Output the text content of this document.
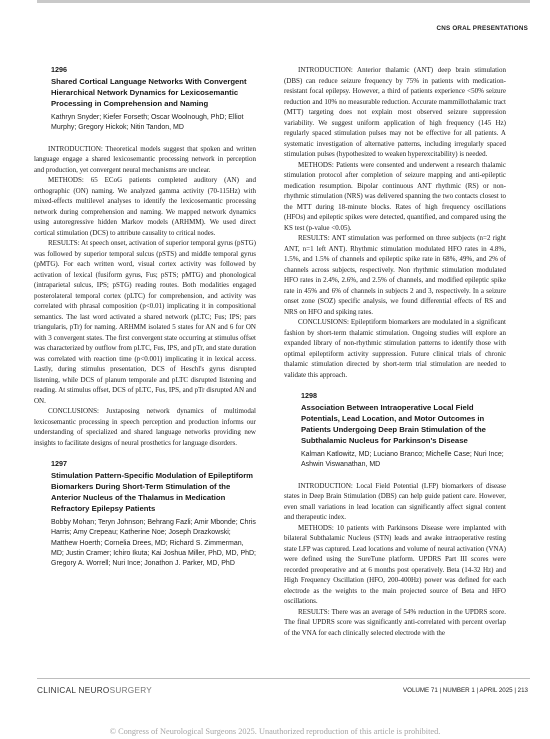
CNS ORAL PRESENTATIONS

1296

Shared Cortical Language Networks With Convergent Hierarchical Network Dynamics for Lexicosemantic Processing in Comprehension and Naming

Kathryn Snyder; Kiefer Forseth; Oscar Woolnough, PhD; Elliot Murphy; Gregory Hickok; Nitin Tandon, MD

INTRODUCTION: Theoretical models suggest that spoken and written language engage a shared lexicosemantic processing network in perception and production, yet convergent neural mechanisms are unclear.

METHODS: 65 ECoG patients completed auditory (AN) and orthographic (ON) naming. We analyzed gamma activity (70-115Hz) with mixed-effects multilevel analyses to identify the lexicosemantic processing network during comprehension and naming. We mapped network dynamics using autoregressive hidden Markov models (ARHMM). We used direct cortical stimulation (DCS) to attribute causality to critical nodes.

RESULTS: At speech onset, activation of superior temporal gyrus (pSTG) was followed by superior temporal sulcus (pSTS) and middle temporal gyrus (pMTG). For each written word, visual cortex activity was followed by activation of lexical (fusiform gyrus, Fus; pSTS; pMTG) and phonological (intraparietal sulcus, IPS; pSTG) reading routes. Both modalities engaged posterolateral temporal cortex (pLTC) for comprehension, and activity was correlated with phrasal composition (p<0.01) implicating it in compositional semantics. The last word activated a shared network (pLTC; Fus; IPS; pars triangularis, pTr) for naming. ARHMM isolated 5 states for AN and 6 for ON with 3 convergent states. The first convergent state occurring at stimulus offset was characterized by outflow from pLTC, Fus, IPS, and pTr, and state duration was correlated with reaction time (p<0.001) implicating it in lexical access. Lastly, during stimulus presentation, DCS of Heschl's gyrus disrupted listening, while DCS of planum temporale and pLTC disrupted listening and reading. At stimulus offset, DCS of pLTC, Fus, IPS, and pTr disrupted AN and ON.

CONCLUSIONS: Juxtaposing network dynamics of multimodal lexicosemantic processing in speech perception and production informs our understanding of specialized and shared language networks providing new insights to facilitate designs of neural prosthetics for language disorders.

1297

Stimulation Pattern-Specific Modulation of Epileptiform Biomarkers During Short-Term Stimulation of the Anterior Nucleus of the Thalamus in Medication Refractory Epilepsy Patients

Bobby Mohan; Teryn Johnson; Behrang Fazli; Amir Mbonde; Chris Harris; Amy Crepeau; Katherine Noe; Joseph Drazkowski; Matthew Hoerth; Cornelia Drees, MD; Richard S. Zimmerman, MD; Justin Cramer; Ichiro Ikuta; Kai Joshua Miller, PhD, MD, PhD; Gregory A. Worrell; Nuri Ince; Jonathon J. Parker, MD, PhD

INTRODUCTION: Anterior thalamic (ANT) deep brain stimulation (DBS) can reduce seizure frequency by 75% in patients with medication-resistant focal epilepsy. However, a third of patients experience <50% seizure reduction and 10% no measurable reduction. Accurate mammillothalamic tract (MTT) targeting does not explain most observed seizure suppression variability. We suggest uniform application of high frequency (145 Hz) regularly spaced stimulation pulses may not be effective for all patients. A systematic investigation of alternative patterns, including irregularly spaced stimulation pulses (hypothesized to weaken hyperexcitability) is needed.

METHODS: Patients were consented and underwent a research thalamic stimulation protocol after completion of seizure mapping and anti-epileptic medication resumption. Bipolar continuous ANT rhythmic (RS) or non-rhythmic stimulation (NRS) was delivered spanning the two contacts closest to the MTT during 18-minute blocks. Rates of high frequency oscillations (HFOs) and epileptic spikes were detected, quantified, and compared using the KS test (p-value <0.05).

RESULTS: ANT stimulation was performed on three subjects (n=2 right ANT, n=1 left ANT). Rhythmic stimulation modulated HFO rates in 4.8%, 1.5%, and 1.5% of channels and epileptic spike rate in 68%, 49%, and 2% of channels across subjects, respectively. Non rhythmic stimulation modulated HFO rates in 2.4%, 2.6%, and 2.5% of channels, and modified epileptic spike rate in 45% and 6% of channels in subjects 2 and 3, respectively. In a seizure onset zone (SOZ) specific analysis, we found differential effects of RS and NRS on HFO and spiking rates.

CONCLUSIONS: Epileptiform biomarkers are modulated in a significant fashion by short-term thalamic stimulation. Ongoing studies will explore an expanded library of non-rhythmic stimulation patterns to identify those with optimal epileptiform activity suppression. Future clinical trials of chronic thalamic stimulation directed by short-term trial stimulation are needed to validate this approach.

1298

Association Between Intraoperative Local Field Potentials, Lead Location, and Motor Outcomes in Patients Undergoing Deep Brain Stimulation of the Subthalamic Nucleus for Parkinson's Disease

Kalman Katlowitz, MD; Luciano Branco; Michelle Case; Nuri Ince; Ashwin Viswanathan, MD

INTRODUCTION: Local Field Potential (LFP) biomarkers of disease states in Deep Brain Stimulation (DBS) can help guide patient care. However, even small variations in lead location can significantly affect signal content and therapeutic index.

METHODS: 10 patients with Parkinsons Disease were implanted with bilateral Subthalamic Nucleus (STN) leads and awake intraoperative resting state LFP was captured. Lead locations and volume of neural activation (VNA) were defined using the SureTune platform. UPDRS Part III scores were recorded preoperative and at 6 months post operatively. Beta (14-32 Hz) and High Frequency Oscillation (HFO, 200-400Hz) power was defined for each electrode as the weights to the main projected source of Beta and HFO oscillations.

RESULTS: There was an average of 54% reduction in the UPDRS score. The final UPDRS score was significantly anti-correlated with percent overlap of the VNA for each clinically selected electrode with the

CLINICAL NEUROSURGERY	VOLUME 71 | NUMBER 1 | APRIL 2025 | 213
© Congress of Neurological Surgeons 2025. Unauthorized reproduction of this article is prohibited.
